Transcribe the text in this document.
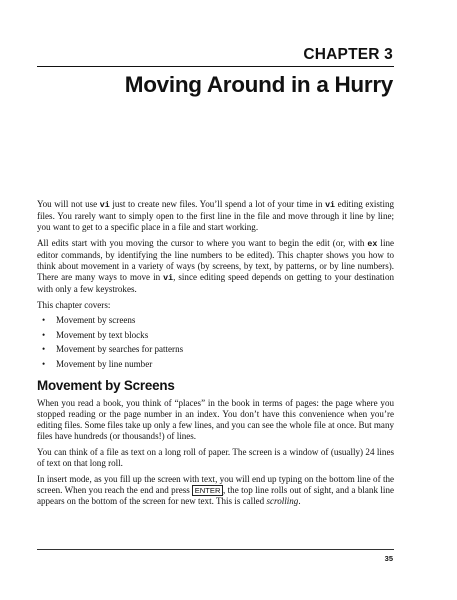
CHAPTER 3
Moving Around in a Hurry

You will not use vi just to create new files. You’ll spend a lot of your time in vi editing existing files. You rarely want to simply open to the first line in the file and move through it line by line; you want to get to a specific place in a file and start working.

All edits start with you moving the cursor to where you want to begin the edit (or, with ex line editor commands, by identifying the line numbers to be edited). This chapter shows you how to think about movement in a variety of ways (by screens, by text, by patterns, or by line numbers). There are many ways to move in vi, since editing speed depends on getting to your destination with only a few keystrokes.

This chapter covers:

• Movement by screens
• Movement by text blocks
• Movement by searches for patterns
• Movement by line number
Movement by Screens

When you read a book, you think of “places” in the book in terms of pages: the page where you stopped reading or the page number in an index. You don’t have this convenience when you’re editing files. Some files take up only a few lines, and you can see the whole file at once. But many files have hundreds (or thousands!) of lines.

You can think of a file as text on a long roll of paper. The screen is a window of (usually) 24 lines of text on that long roll.

In insert mode, as you fill up the screen with text, you will end up typing on the bottom line of the screen. When you reach the end and press ENTER , the top line rolls out of sight, and a blank line appears on the bottom of the screen for new text. This is called scrolling.

35
